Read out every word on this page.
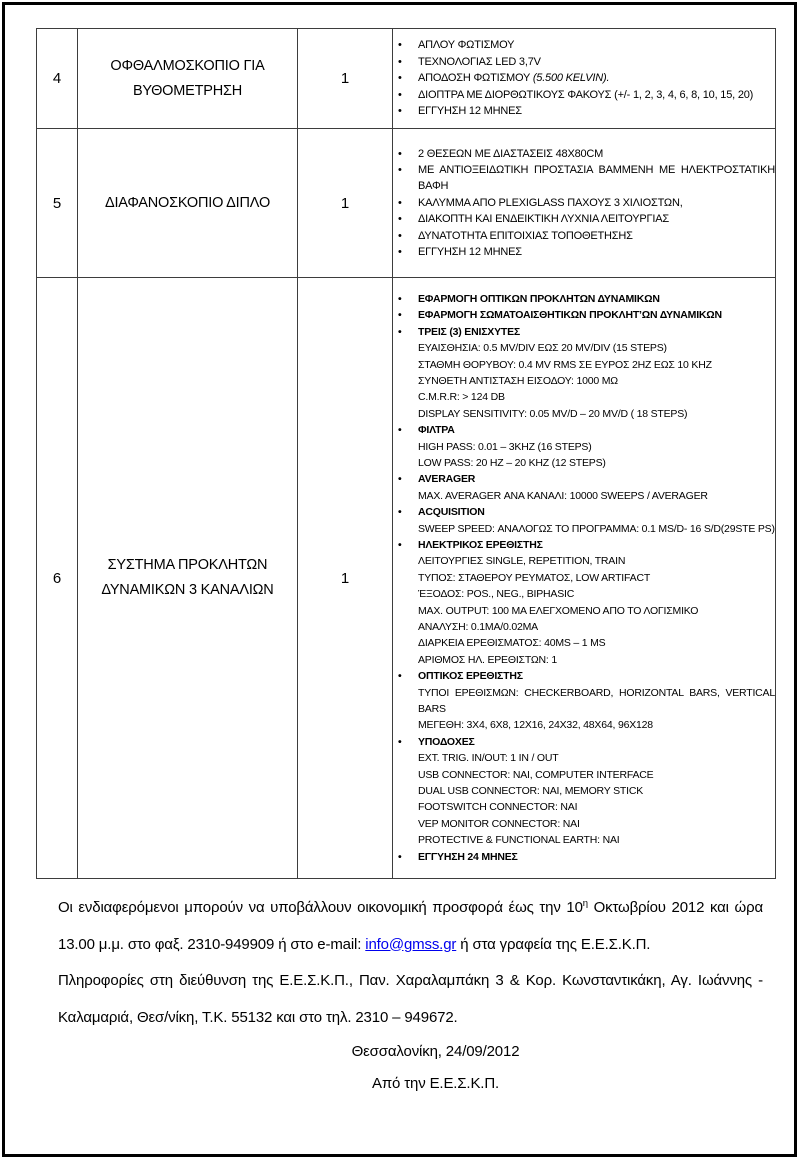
4	ΟΦΘΑΛΜΟΣΚΟΠΙΟ ΓΙΑ ΒΥΘΟΜΕΤΡΗΣΗ	1	
•	ΑΠΛΟΥ ΦΩΤΙΣΜΟΥ
•	ΤΕΧΝΟΛΟΓΙΑΣ LED 3,7V
•	ΑΠΟΔΟΣΗ ΦΩΤΙΣΜΟΥ (5.500 KELVIN).
•	ΔΙΟΠΤΡΑ ΜΕ ΔΙΟΡΘΩΤΙΚΟΥΣ ΦΑΚΟΥΣ (+/- 1, 2, 3, 4, 6, 8, 10, 15, 20)
•	ΕΓΓΥΗΣΗ 12 ΜΗΝΕΣ

5	ΔΙΑΦΑΝΟΣΚΟΠΙΟ ΔΙΠΛΟ	1	
•	2 ΘΕΣΕΩΝ ΜΕ ΔΙΑΣΤΑΣΕΙΣ 48Χ80CM
•	ΜΕ ΑΝΤΙΟΞΕΙΔΩΤΙΚΗ ΠΡΟΣΤΑΣΙΑ ΒΑΜΜΕΝΗ ΜΕ ΗΛΕΚΤΡΟΣΤΑΤΙΚΗ ΒΑΦΗ
•	ΚΑΛΥΜΜΑ ΑΠΟ PLEXIGLASS ΠΑΧΟΥΣ 3 ΧΙΛΙΟΣΤΩΝ,
•	ΔΙΑΚΟΠΤΗ ΚΑΙ ΕΝΔΕΙΚΤΙΚΗ ΛΥΧΝΙΑ ΛΕΙΤΟΥΡΓΙΑΣ
•	ΔΥΝΑΤΟΤΗΤΑ ΕΠΙΤΟΙΧΙΑΣ ΤΟΠΟΘΕΤΗΣΗΣ
•	ΕΓΓΥΗΣΗ 12 ΜΗΝΕΣ

6	ΣΥΣΤΗΜΑ ΠΡΟΚΛΗΤΩΝ ΔΥΝΑΜΙΚΩΝ 3 ΚΑΝΑΛΙΩΝ	1	
•	ΕΦΑΡΜΟΓΗ ΟΠΤΙΚΩΝ ΠΡΟΚΛΗΤΩΝ ΔΥΝΑΜΙΚΩΝ
•	ΕΦΑΡΜΟΓΗ ΣΩΜΑΤΟΑΙΣΘΗΤΙΚΩΝ ΠΡΟΚΛΗΤ’ΩΝ ΔΥΝΑΜΙΚΩΝ
•	ΤΡΕΙΣ (3) ΕΝΙΣΧΥΤΕΣ
ΕΥΑΙΣΘΗΣΙΑ: 0.5 MV/DIV ΕΩΣ 20 MV/DIV (15 STEPS)
ΣΤΑΘΜΗ ΘΟΡΥΒΟΥ: 0.4 MV RMS ΣΕ ΕΥΡΟΣ 2HZ ΕΩΣ 10 KHZ
ΣΥΝΘΕΤΗ ΑΝΤΙΣΤΑΣΗ ΕΙΣΟΔΟΥ: 1000 ΜΩ
C.M.R.R: > 124 DB
DISPLAY SENSITIVITY: 0.05 MV/D – 20 MV/D ( 18 STEPS)
•	ΦΙΛΤΡΑ
HIGH PASS: 0.01 – 3KHZ (16 STEPS)
LOW PASS: 20 HZ – 20 KHZ (12 STEPS)
•	AVERAGER
MAX. AVERAGER ΑΝΑ ΚΑΝΑΛΙ: 10000 SWEEPS / AVERAGER
•	ACQUISITION
SWEEP SPEED: ΑΝΑΛΟΓΩΣ ΤΟ ΠΡΟΓΡΑΜΜΑ: 0.1 MS/D- 16 S/D(29STE PS)
•	ΗΛΕΚΤΡΙΚΟΣ ΕΡΕΘΙΣΤΗΣ
ΛΕΙΤΟΥΡΓΙΕΣ SINGLE, REPETITION, TRAIN
ΤΥΠΟΣ: ΣΤΑΘΕΡΟΥ ΡΕΥΜΑΤΟΣ, LOW ARTIFACT
ΈΞΟΔΟΣ: POS., NEG., BIPHASIC
MAX. OUTPUT: 100 MA ΕΛΕΓΧΟΜΕΝΟ ΑΠΟ ΤΟ ΛΟΓΙΣΜΙΚΟ
ΑΝΑΛΥΣΗ: 0.1MA/0.02MA
ΔΙΑΡΚΕΙΑ ΕΡΕΘΙΣΜΑΤΟΣ: 40MS – 1 MS
ΑΡΙΘΜΟΣ ΗΛ. ΕΡΕΘΙΣΤΩΝ: 1
•	ΟΠΤΙΚΟΣ ΕΡΕΘΙΣΤΗΣ
ΤΥΠΟΙ ΕΡΕΘΙΣΜΩΝ: CHECKERBOARD, HORIZONTAL BARS, VERTICAL BARS
ΜΕΓΕΘΗ: 3Χ4, 6Χ8, 12Χ16, 24Χ32, 48Χ64, 96Χ128
•	ΥΠΟΔΟΧΕΣ
EXT. TRIG. IN/OUT: 1 IN / OUT
USB CONNECTOR: ΝΑΙ, COMPUTER INTERFACE
DUAL USB CONNECTOR: ΝΑΙ, MEMORY STICK
FOOTSWITCH CONNECTOR: ΝΑΙ
VEP MONITOR CONNECTOR: ΝΑΙ
PROTECTIVE & FUNCTIONAL EARTH: ΝΑΙ
•	ΕΓΓΥΗΣΗ 24 ΜΗΝΕΣ

Οι ενδιαφερόμενοι μπορούν να υποβάλλουν οικονομική προσφορά έως την $10^\eta$ Οκτωβρίου 2012 και ώρα 13.00 μ.μ. στο φαξ. 2310-949909 ή στο e-mail: info@gmss.gr ή στα γραφεία της Ε.Ε.Σ.Κ.Π.

Πληροφορίες στη διεύθυνση της Ε.Ε.Σ.Κ.Π., Παν. Χαραλαμπάκη 3 & Κορ. Κωνσταντικάκη, Αγ. Ιωάννης - Καλαμαριά, Θεσ/νίκη, Τ.Κ. 55132 και στο τηλ. 2310 – 949672.

Θεσσαλονίκη, 24/09/2012

Από την Ε.Ε.Σ.Κ.Π.
